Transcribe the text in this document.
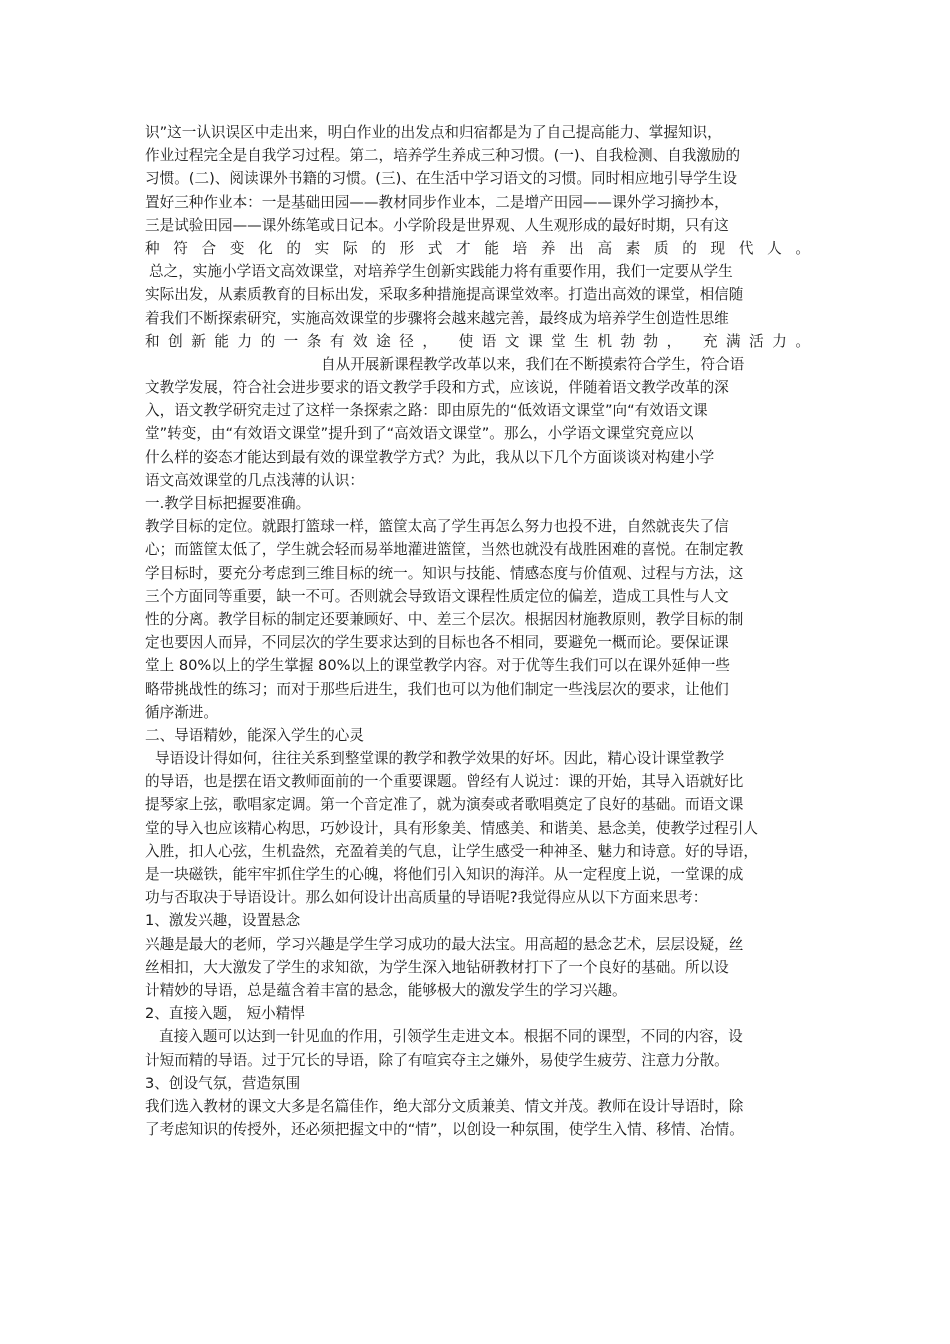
识”这一认识误区中走出来，明白作业的出发点和归宿都是为了自己提高能力、掌握知识，
作业过程完全是自我学习过程。第二，培养学生养成三种习惯。(一)、自我检测、自我激励的
习惯。(二)、阅读课外书籍的习惯。(三)、在生活中学习语文的习惯。同时相应地引导学生设
置好三种作业本：一是基础田园——教材同步作业本，二是增产田园——课外学习摘抄本，
三是试验田园——课外练笔或日记本。小学阶段是世界观、人生观形成的最好时期，只有这
种符合变化的实际的形式才能培养出高素质的现代人。
总之，实施小学语文高效课堂，对培养学生创新实践能力将有重要作用，我们一定要从学生
实际出发，从素质教育的目标出发，采取多种措施提高课堂效率。打造出高效的课堂，相信随
着我们不断探索研究，实施高效课堂的步骤将会越来越完善，最终成为培养学生创造性思维
和创新能力的一条有效途径， 使语文课堂生机勃勃， 充满活力。
自从开展新课程教学改革以来，我们在不断摸索符合学生，符合语
文教学发展，符合社会进步要求的语文教学手段和方式，应该说，伴随着语文教学改革的深
入，语文教学研究走过了这样一条探索之路：即由原先的“低效语文课堂”向“有效语文课
堂”转变，由“有效语文课堂”提升到了“高效语文课堂”。那么，小学语文课堂究竟应以
什么样的姿态才能达到最有效的课堂教学方式？为此，我从以下几个方面谈谈对构建小学
语文高效课堂的几点浅薄的认识：
一.教学目标把握要准确。
教学目标的定位。就跟打篮球一样，篮筐太高了学生再怎么努力也投不进，自然就丧失了信
心；而篮筐太低了，学生就会轻而易举地灌进篮筐，当然也就没有战胜困难的喜悦。在制定教
学目标时，要充分考虑到三维目标的统一。知识与技能、情感态度与价值观、过程与方法，这
三个方面同等重要，缺一不可。否则就会导致语文课程性质定位的偏差，造成工具性与人文
性的分离。教学目标的制定还要兼顾好、中、差三个层次。根据因材施教原则，教学目标的制
定也要因人而异，不同层次的学生要求达到的目标也各不相同，要避免一概而论。要保证课
堂上 80%以上的学生掌握 80%以上的课堂教学内容。对于优等生我们可以在课外延伸一些
略带挑战性的练习；而对于那些后进生，我们也可以为他们制定一些浅层次的要求，让他们
循序渐进。
二、导语精妙，能深入学生的心灵
导语设计得如何，往往关系到整堂课的教学和教学效果的好坏。因此，精心设计课堂教学
的导语，也是摆在语文教师面前的一个重要课题。曾经有人说过：课的开始，其导入语就好比
提琴家上弦，歌唱家定调。第一个音定准了，就为演奏或者歌唱奠定了良好的基础。而语文课
堂的导入也应该精心构思，巧妙设计，具有形象美、情感美、和谐美、悬念美，使教学过程引人
入胜，扣人心弦，生机盎然，充盈着美的气息，让学生感受一种神圣、魅力和诗意。好的导语，
是一块磁铁，能牢牢抓住学生的心魄，将他们引入知识的海洋。从一定程度上说，一堂课的成
功与否取决于导语设计。那么如何设计出高质量的导语呢?我觉得应从以下方面来思考：
1、激发兴趣，设置悬念
兴趣是最大的老师，学习兴趣是学生学习成功的最大法宝。用高超的悬念艺术，层层设疑，丝
丝相扣，大大激发了学生的求知欲，为学生深入地钻研教材打下了一个良好的基础。所以设
计精妙的导语，总是蕴含着丰富的悬念，能够极大的激发学生的学习兴趣。
2、直接入题， 短小精悍
直接入题可以达到一针见血的作用，引领学生走进文本。根据不同的课型，不同的内容，设
计短而精的导语。过于冗长的导语，除了有喧宾夺主之嫌外，易使学生疲劳、注意力分散。
3、创设气氛，营造氛围
我们选入教材的课文大多是名篇佳作，绝大部分文质兼美、情文并茂。教师在设计导语时，除
了考虑知识的传授外，还必须把握文中的“情”，以创设一种氛围，使学生入情、移情、冶情。
